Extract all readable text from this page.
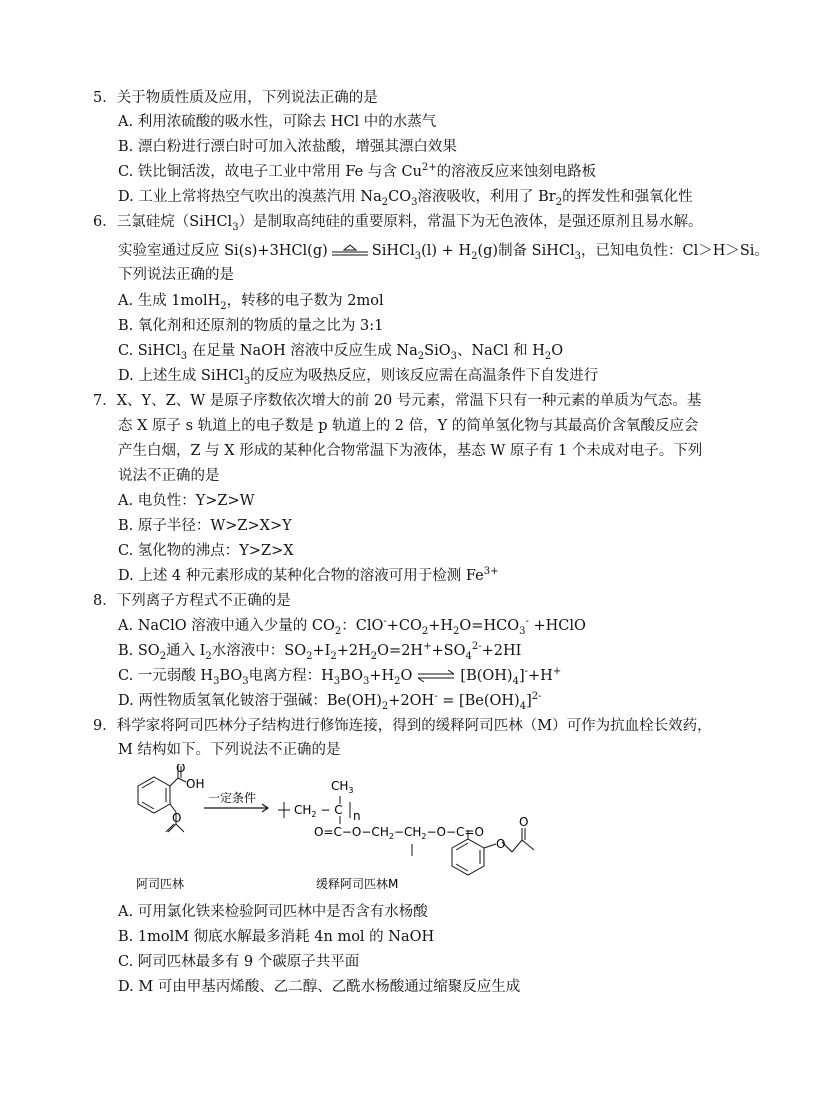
5．关于物质性质及应用，下列说法正确的是
A. 利用浓硫酸的吸水性，可除去 HCl 中的水蒸气
B. 漂白粉进行漂白时可加入浓盐酸，增强其漂白效果
C. 铁比铜活泼，故电子工业中常用 Fe 与含 $Cu^{2+}$的溶液反应来蚀刻电路板
D. 工业上常将热空气吹出的溴蒸汽用 $Na_2CO_3$溶液吸收，利用了 $Br_2$的挥发性和强氧化性
6．三氯硅烷（SiHCl$_3$）是制取高纯硅的重要原料，常温下为无色液体，是强还原剂且易水解。
实验室通过反应 Si(s)+3HCl(g) ⇌ SiHCl$_3$(l) + $H_2(g)$制备 SiHCl$_3$，已知电负性：Cl＞H＞Si。
下列说法正确的是
A. 生成 1molH$_2$，转移的电子数为 2mol
B. 氧化剂和还原剂的物质的量之比为 3:1
C. SiHCl$_3$ 在足量 NaOH 溶液中反应生成 $Na_2SiO_3$、NaCl 和 $H_2O$
D. 上述生成 SiHCl$_3$的反应为吸热反应，则该反应需在高温条件下自发进行
7．X、Y、Z、W 是原子序数依次增大的前 20 号元素，常温下只有一种元素的单质为气态。基
态 X 原子 s 轨道上的电子数是 p 轨道上的 2 倍，Y 的简单氢化物与其最高价含氧酸反应会
产生白烟，Z 与 X 形成的某种化合物常温下为液体，基态 W 原子有 1 个未成对电子。下列
说法不正确的是
A. 电负性：Y>Z>W
B. 原子半径：W>Z>X>Y
C. 氢化物的沸点：Y>Z>X
D. 上述 4 种元素形成的某种化合物的溶液可用于检测 $Fe^{3+}$
8．下列离子方程式不正确的是
A. NaClO 溶液中通入少量的 $CO_2$：$ClO^-+CO_2+H_2O=HCO_3^-$ +HClO
B. $SO_2$通入 $I_2$水溶液中：$SO_2+I_2+2H_2O=2H^++SO_4^{2-}+2HI$
C. 一元弱酸 $H_3BO_3$电离方程：$H_3BO_3+H_2O$ ⇌ $[B(OH)_4]^-+H^+$
D. 两性物质氢氧化铍溶于强碱：$Be(OH)_2+2OH^- = [Be(OH)_4]^{2-}$
9．科学家将阿司匹林分子结构进行修饰连接，得到的缓释阿司匹林（M）可作为抗血栓长效药，
M 结构如下。下列说法不正确的是
OH
O
O
一定条件
$CH_3$
$CH_2 - C$ n
$O=C-O-CH_2-CH_2-O-C=O$
O
O
阿司匹林	缓释阿司匹林M
A. 可用氯化铁来检验阿司匹林中是否含有水杨酸
B. 1molM 彻底水解最多消耗 4n mol 的 NaOH
C. 阿司匹林最多有 9 个碳原子共平面
D. M 可由甲基丙烯酸、乙二醇、乙酰水杨酸通过缩聚反应生成
